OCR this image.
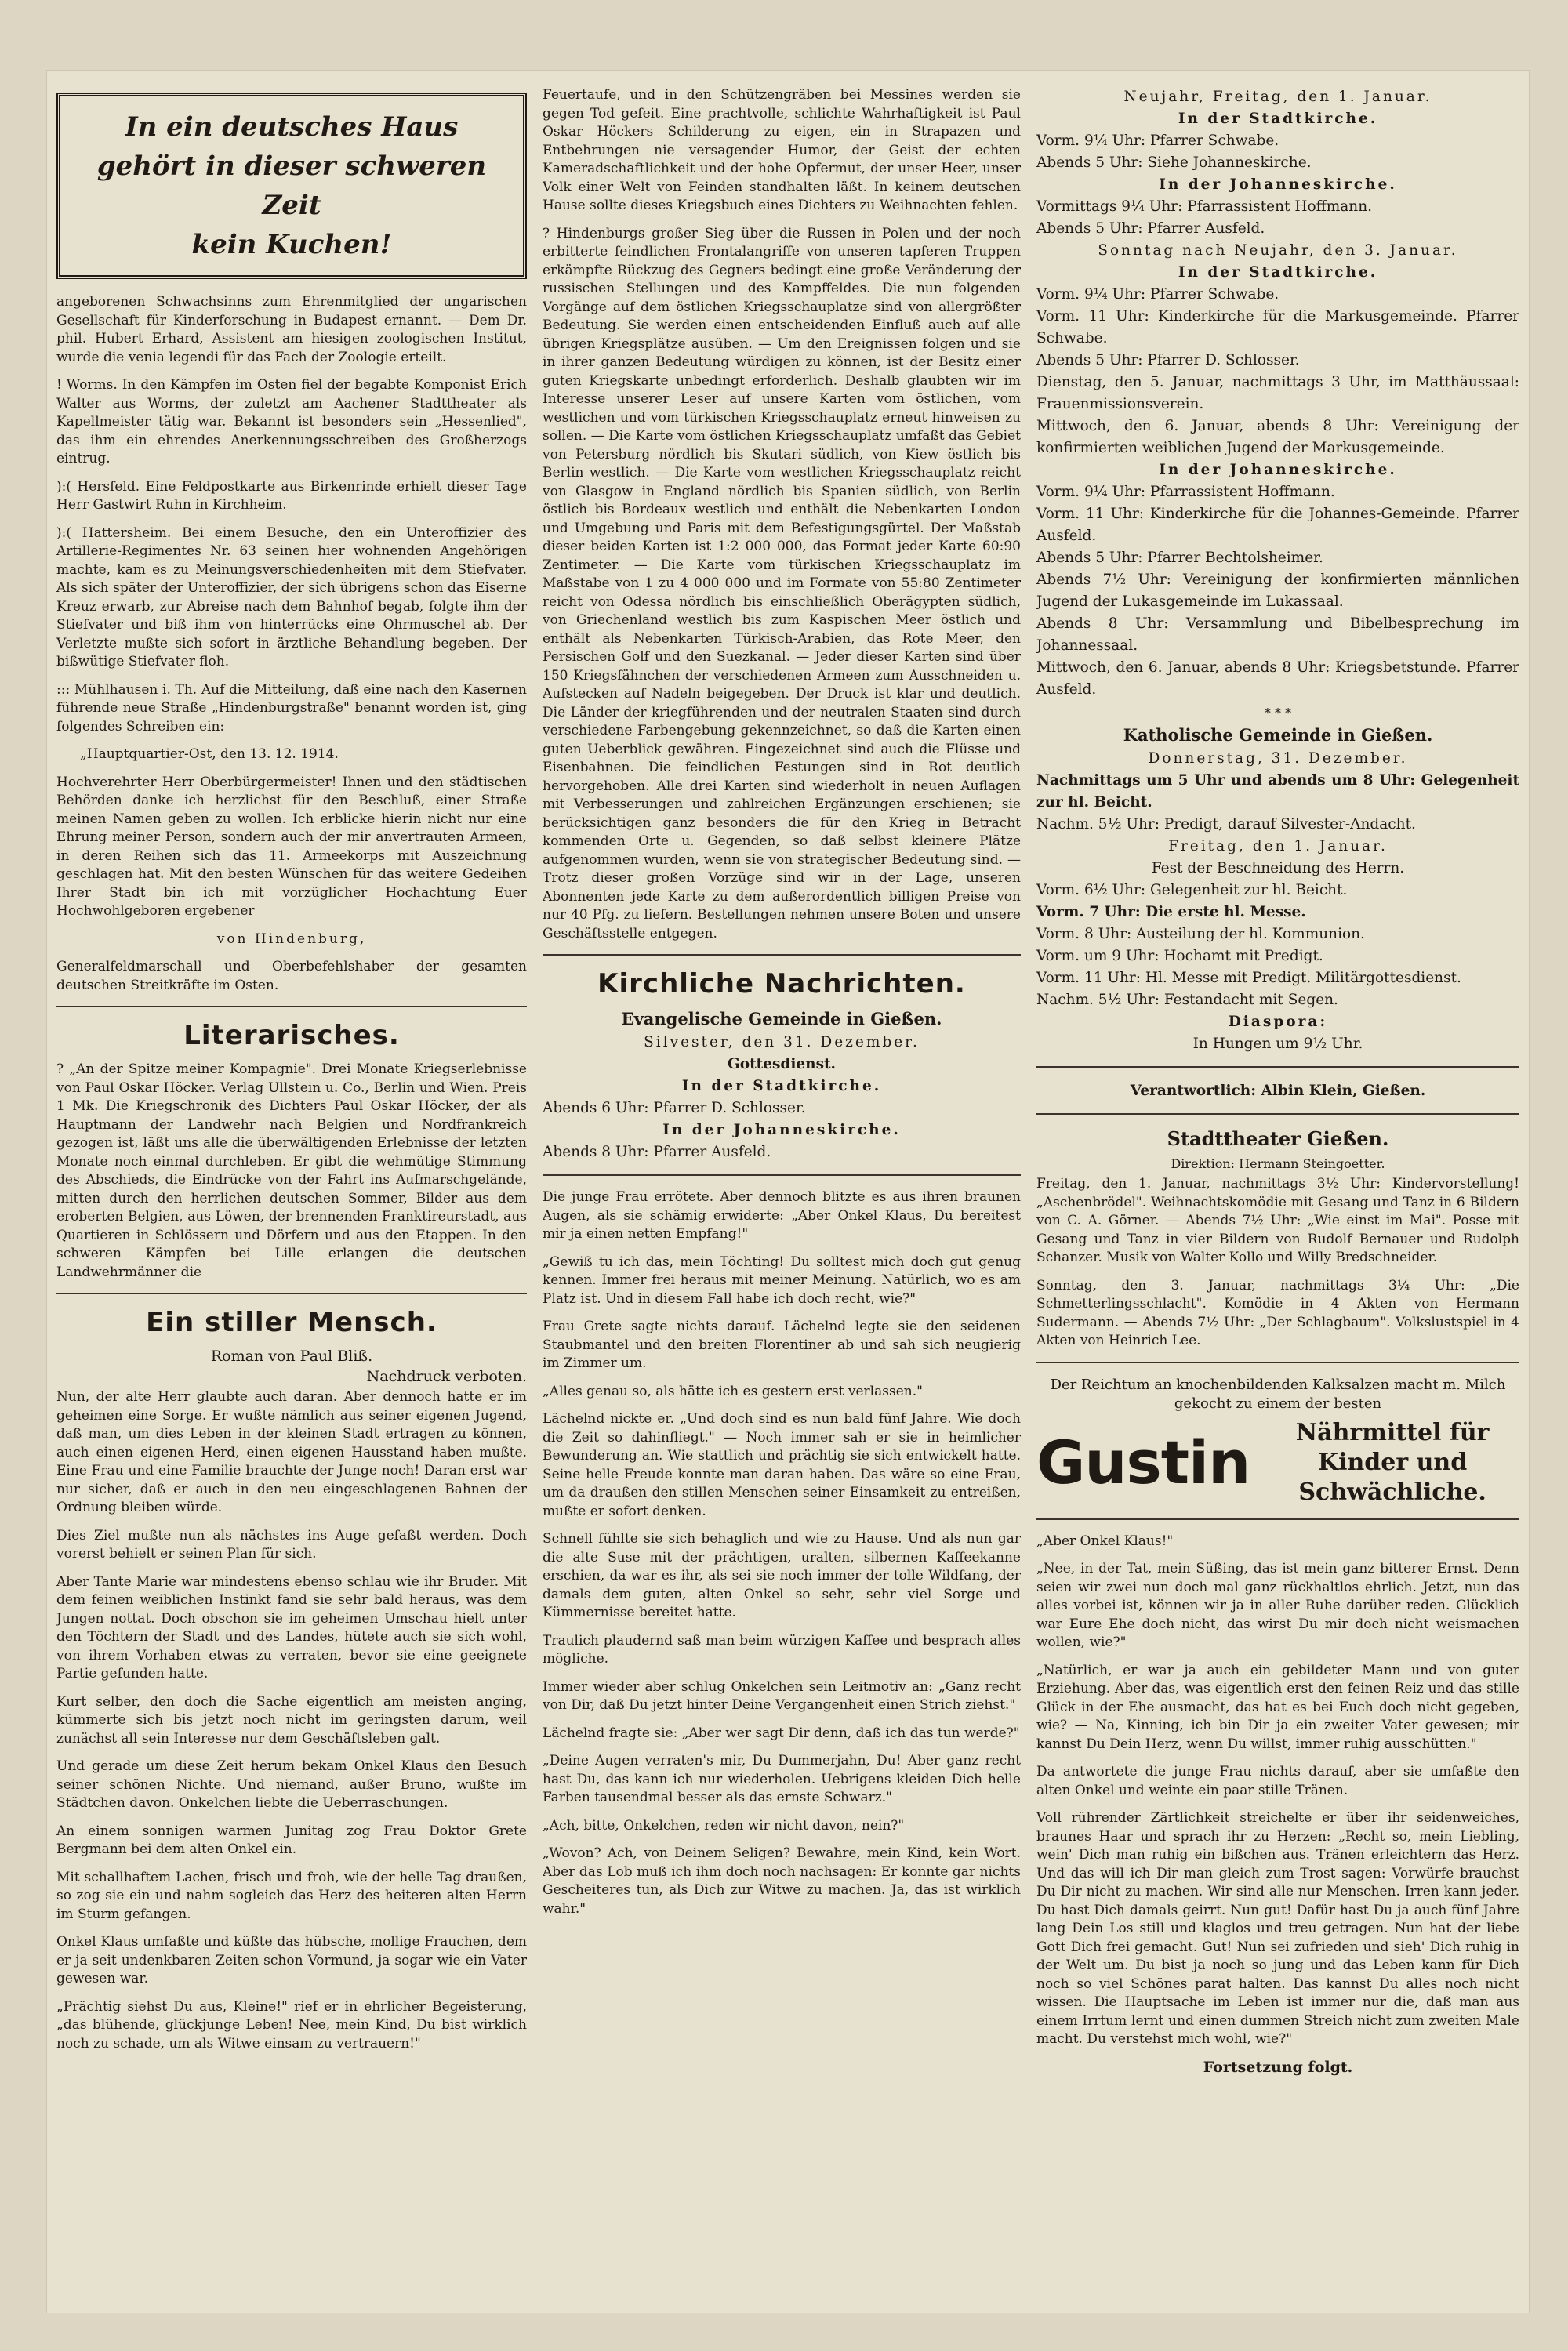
In ein deutsches Haus
gehört in dieser schweren Zeit
kein Kuchen!

angeborenen Schwachsinns zum Ehrenmitglied der ungarischen Gesellschaft für Kinderforschung in Budapest ernannt. — Dem Dr. phil. Hubert Erhard, Assistent am hiesigen zoologischen Institut, wurde die venia legendi für das Fach der Zoologie erteilt.

! Worms. In den Kämpfen im Osten fiel der begabte Komponist Erich Walter aus Worms, der zuletzt am Aachener Stadttheater als Kapellmeister tätig war. Bekannt ist besonders sein „Hessenlied", das ihm ein ehrendes Anerkennungsschreiben des Großherzogs eintrug.

):( Hersfeld. Eine Feldpostkarte aus Birkenrinde erhielt dieser Tage Herr Gastwirt Ruhn in Kirchheim.

):( Hattersheim. Bei einem Besuche, den ein Unteroffizier des Artillerie-Regimentes Nr. 63 seinen hier wohnenden Angehörigen machte, kam es zu Meinungsverschiedenheiten mit dem Stiefvater. Als sich später der Unteroffizier, der sich übrigens schon das Eiserne Kreuz erwarb, zur Abreise nach dem Bahnhof begab, folgte ihm der Stiefvater und biß ihm von hinterrücks eine Ohrmuschel ab. Der Verletzte mußte sich sofort in ärztliche Behandlung begeben. Der bißwütige Stiefvater floh.

::: Mühlhausen i. Th. Auf die Mitteilung, daß eine nach den Kasernen führende neue Straße „Hindenburgstraße" benannt worden ist, ging folgendes Schreiben ein:

„Hauptquartier-Ost, den 13. 12. 1914.

Hochverehrter Herr Oberbürgermeister! Ihnen und den städtischen Behörden danke ich herzlichst für den Beschluß, einer Straße meinen Namen geben zu wollen. Ich erblicke hierin nicht nur eine Ehrung meiner Person, sondern auch der mir anvertrauten Armeen, in deren Reihen sich das 11. Armeekorps mit Auszeichnung geschlagen hat. Mit den besten Wünschen für das weitere Gedeihen Ihrer Stadt bin ich mit vorzüglicher Hochachtung Euer Hochwohlgeboren ergebener

von Hindenburg,

Generalfeldmarschall und Oberbefehlshaber der gesamten deutschen Streitkräfte im Osten.

Literarisches.

? „An der Spitze meiner Kompagnie". Drei Monate Kriegserlebnisse von Paul Oskar Höcker. Verlag Ullstein u. Co., Berlin und Wien. Preis 1 Mk. Die Kriegschronik des Dichters Paul Oskar Höcker, der als Hauptmann der Landwehr nach Belgien und Nordfrankreich gezogen ist, läßt uns alle die überwältigenden Erlebnisse der letzten Monate noch einmal durchleben. Er gibt die wehmütige Stimmung des Abschieds, die Eindrücke von der Fahrt ins Aufmarschgelände, mitten durch den herrlichen deutschen Sommer, Bilder aus dem eroberten Belgien, aus Löwen, der brennenden Franktireurstadt, aus Quartieren in Schlössern und Dörfern und aus den Etappen. In den schweren Kämpfen bei Lille erlangen die deutschen Landwehrmänner die

Ein stiller Mensch.
Roman von Paul Bliß.
Nachdruck verboten.

Nun, der alte Herr glaubte auch daran. Aber dennoch hatte er im geheimen eine Sorge. Er wußte nämlich aus seiner eigenen Jugend, daß man, um dies Leben in der kleinen Stadt ertragen zu können, auch einen eigenen Herd, einen eigenen Hausstand haben mußte. Eine Frau und eine Familie brauchte der Junge noch! Daran erst war nur sicher, daß er auch in den neu eingeschlagenen Bahnen der Ordnung bleiben würde.

Dies Ziel mußte nun als nächstes ins Auge gefaßt werden. Doch vorerst behielt er seinen Plan für sich.

Aber Tante Marie war mindestens ebenso schlau wie ihr Bruder. Mit dem feinen weiblichen Instinkt fand sie sehr bald heraus, was dem Jungen nottat. Doch obschon sie im geheimen Umschau hielt unter den Töchtern der Stadt und des Landes, hütete auch sie sich wohl, von ihrem Vorhaben etwas zu verraten, bevor sie eine geeignete Partie gefunden hatte.

Kurt selber, den doch die Sache eigentlich am meisten anging, kümmerte sich bis jetzt noch nicht im geringsten darum, weil zunächst all sein Interesse nur dem Geschäftsleben galt.

Und gerade um diese Zeit herum bekam Onkel Klaus den Besuch seiner schönen Nichte. Und niemand, außer Bruno, wußte im Städtchen davon. Onkelchen liebte die Ueberraschungen.

An einem sonnigen warmen Junitag zog Frau Doktor Grete Bergmann bei dem alten Onkel ein.

Mit schallhaftem Lachen, frisch und froh, wie der helle Tag draußen, so zog sie ein und nahm sogleich das Herz des heiteren alten Herrn im Sturm gefangen.

Onkel Klaus umfaßte und küßte das hübsche, mollige Frauchen, dem er ja seit undenkbaren Zeiten schon Vormund, ja sogar wie ein Vater gewesen war.

„Prächtig siehst Du aus, Kleine!" rief er in ehrlicher Begeisterung, „das blühende, glückjunge Leben! Nee, mein Kind, Du bist wirklich noch zu schade, um als Witwe einsam zu vertrauern!"

Feuertaufe, und in den Schützengräben bei Messines werden sie gegen Tod gefeit. Eine prachtvolle, schlichte Wahrhaftigkeit ist Paul Oskar Höckers Schilderung zu eigen, ein in Strapazen und Entbehrungen nie versagender Humor, der Geist der echten Kameradschaftlichkeit und der hohe Opfermut, der unser Heer, unser Volk einer Welt von Feinden standhalten läßt. In keinem deutschen Hause sollte dieses Kriegsbuch eines Dichters zu Weihnachten fehlen.

? Hindenburgs großer Sieg über die Russen in Polen und der noch erbitterte feindlichen Frontalangriffe von unseren tapferen Truppen erkämpfte Rückzug des Gegners bedingt eine große Veränderung der russischen Stellungen und des Kampffeldes. Die nun folgenden Vorgänge auf dem östlichen Kriegsschauplatze sind von allergrößter Bedeutung. Sie werden einen entscheidenden Einfluß auch auf alle übrigen Kriegsplätze ausüben. — Um den Ereignissen folgen und sie in ihrer ganzen Bedeutung würdigen zu können, ist der Besitz einer guten Kriegskarte unbedingt erforderlich. Deshalb glaubten wir im Interesse unserer Leser auf unsere Karten vom östlichen, vom westlichen und vom türkischen Kriegsschauplatz erneut hinweisen zu sollen. — Die Karte vom östlichen Kriegsschauplatz umfaßt das Gebiet von Petersburg nördlich bis Skutari südlich, von Kiew östlich bis Berlin westlich. — Die Karte vom westlichen Kriegsschauplatz reicht von Glasgow in England nördlich bis Spanien südlich, von Berlin östlich bis Bordeaux westlich und enthält die Nebenkarten London und Umgebung und Paris mit dem Befestigungsgürtel. Der Maßstab dieser beiden Karten ist 1:2 000 000, das Format jeder Karte 60:90 Zentimeter. — Die Karte vom türkischen Kriegsschauplatz im Maßstabe von 1 zu 4 000 000 und im Formate von 55:80 Zentimeter reicht von Odessa nördlich bis einschließlich Oberägypten südlich, von Griechenland westlich bis zum Kaspischen Meer östlich und enthält als Nebenkarten Türkisch-Arabien, das Rote Meer, den Persischen Golf und den Suezkanal. — Jeder dieser Karten sind über 150 Kriegsfähnchen der verschiedenen Armeen zum Ausschneiden u. Aufstecken auf Nadeln beigegeben. Der Druck ist klar und deutlich. Die Länder der kriegführenden und der neutralen Staaten sind durch verschiedene Farbengebung gekennzeichnet, so daß die Karten einen guten Ueberblick gewähren. Eingezeichnet sind auch die Flüsse und Eisenbahnen. Die feindlichen Festungen sind in Rot deutlich hervorgehoben. Alle drei Karten sind wiederholt in neuen Auflagen mit Verbesserungen und zahlreichen Ergänzungen erschienen; sie berücksichtigen ganz besonders die für den Krieg in Betracht kommenden Orte u. Gegenden, so daß selbst kleinere Plätze aufgenommen wurden, wenn sie von strategischer Bedeutung sind. — Trotz dieser großen Vorzüge sind wir in der Lage, unseren Abonnenten jede Karte zu dem außerordentlich billigen Preise von nur 40 Pfg. zu liefern. Bestellungen nehmen unsere Boten und unsere Geschäftsstelle entgegen.

Kirchliche Nachrichten.
Evangelische Gemeinde in Gießen.

Silvester, den 31. Dezember.

Gottesdienst.

In der Stadtkirche.

Abends 6 Uhr: Pfarrer D. Schlosser.

In der Johanneskirche.

Abends 8 Uhr: Pfarrer Ausfeld.

Die junge Frau errötete. Aber dennoch blitzte es aus ihren braunen Augen, als sie schämig erwiderte: „Aber Onkel Klaus, Du bereitest mir ja einen netten Empfang!"

„Gewiß tu ich das, mein Töchting! Du solltest mich doch gut genug kennen. Immer frei heraus mit meiner Meinung. Natürlich, wo es am Platz ist. Und in diesem Fall habe ich doch recht, wie?"

Frau Grete sagte nichts darauf. Lächelnd legte sie den seidenen Staubmantel und den breiten Florentiner ab und sah sich neugierig im Zimmer um.

„Alles genau so, als hätte ich es gestern erst verlassen."

Lächelnd nickte er. „Und doch sind es nun bald fünf Jahre. Wie doch die Zeit so dahinfliegt." — Noch immer sah er sie in heimlicher Bewunderung an. Wie stattlich und prächtig sie sich entwickelt hatte. Seine helle Freude konnte man daran haben. Das wäre so eine Frau, um da draußen den stillen Menschen seiner Einsamkeit zu entreißen, mußte er sofort denken.

Schnell fühlte sie sich behaglich und wie zu Hause. Und als nun gar die alte Suse mit der prächtigen, uralten, silbernen Kaffeekanne erschien, da war es ihr, als sei sie noch immer der tolle Wildfang, der damals dem guten, alten Onkel so sehr, sehr viel Sorge und Kümmernisse bereitet hatte.

Traulich plaudernd saß man beim würzigen Kaffee und besprach alles mögliche.

Immer wieder aber schlug Onkelchen sein Leitmotiv an: „Ganz recht von Dir, daß Du jetzt hinter Deine Vergangenheit einen Strich ziehst."

Lächelnd fragte sie: „Aber wer sagt Dir denn, daß ich das tun werde?"

„Deine Augen verraten's mir, Du Dummerjahn, Du! Aber ganz recht hast Du, das kann ich nur wiederholen. Uebrigens kleiden Dich helle Farben tausendmal besser als das ernste Schwarz."

„Ach, bitte, Onkelchen, reden wir nicht davon, nein?"

„Wovon? Ach, von Deinem Seligen? Bewahre, mein Kind, kein Wort. Aber das Lob muß ich ihm doch noch nachsagen: Er konnte gar nichts Gescheiteres tun, als Dich zur Witwe zu machen. Ja, das ist wirklich wahr."

Neujahr, Freitag, den 1. Januar.

In der Stadtkirche.

Vorm. 9¼ Uhr: Pfarrer Schwabe.

Abends 5 Uhr: Siehe Johanneskirche.

In der Johanneskirche.

Vormittags 9¼ Uhr: Pfarrassistent Hoffmann.

Abends 5 Uhr: Pfarrer Ausfeld.

Sonntag nach Neujahr, den 3. Januar.

In der Stadtkirche.

Vorm. 9¼ Uhr: Pfarrer Schwabe.

Vorm. 11 Uhr: Kinderkirche für die Markusgemeinde. Pfarrer Schwabe.

Abends 5 Uhr: Pfarrer D. Schlosser.

Dienstag, den 5. Januar, nachmittags 3 Uhr, im Matthäussaal: Frauenmissionsverein.

Mittwoch, den 6. Januar, abends 8 Uhr: Vereinigung der konfirmierten weiblichen Jugend der Markusgemeinde.

In der Johanneskirche.

Vorm. 9¼ Uhr: Pfarrassistent Hoffmann.

Vorm. 11 Uhr: Kinderkirche für die Johannes-Gemeinde. Pfarrer Ausfeld.

Abends 5 Uhr: Pfarrer Bechtolsheimer.

Abends 7½ Uhr: Vereinigung der konfirmierten männlichen Jugend der Lukasgemeinde im Lukassaal.

Abends 8 Uhr: Versammlung und Bibelbesprechung im Johannessaal.

Mittwoch, den 6. Januar, abends 8 Uhr: Kriegsbetstunde. Pfarrer Ausfeld.

* * *
Katholische Gemeinde in Gießen.

Donnerstag, 31. Dezember.

Nachmittags um 5 Uhr und abends um 8 Uhr: Gelegenheit zur hl. Beicht.

Nachm. 5½ Uhr: Predigt, darauf Silvester-Andacht.

Freitag, den 1. Januar.

Fest der Beschneidung des Herrn.

Vorm. 6½ Uhr: Gelegenheit zur hl. Beicht.

Vorm. 7 Uhr: Die erste hl. Messe.

Vorm. 8 Uhr: Austeilung der hl. Kommunion.

Vorm. um 9 Uhr: Hochamt mit Predigt.

Vorm. 11 Uhr: Hl. Messe mit Predigt. Militärgottesdienst.

Nachm. 5½ Uhr: Festandacht mit Segen.

Diaspora:

In Hungen um 9½ Uhr.

Verantwortlich: Albin Klein, Gießen.

Stadttheater Gießen.

Direktion: Hermann Steingoetter.

Freitag, den 1. Januar, nachmittags 3½ Uhr: Kindervorstellung! „Aschenbrödel". Weihnachtskomödie mit Gesang und Tanz in 6 Bildern von C. A. Görner. — Abends 7½ Uhr: „Wie einst im Mai". Posse mit Gesang und Tanz in vier Bildern von Rudolf Bernauer und Rudolph Schanzer. Musik von Walter Kollo und Willy Bredschneider.

Sonntag, den 3. Januar, nachmittags 3¼ Uhr: „Die Schmetterlingsschlacht". Komödie in 4 Akten von Hermann Sudermann. — Abends 7½ Uhr: „Der Schlagbaum". Volkslustspiel in 4 Akten von Heinrich Lee.

Der Reichtum an knochenbildenden Kalksalzen macht m. Milch gekocht zu einem der besten

Gustin	Nährmittel für
Kinder und Schwächliche.

„Aber Onkel Klaus!"

„Nee, in der Tat, mein Süßing, das ist mein ganz bitterer Ernst. Denn seien wir zwei nun doch mal ganz rückhaltlos ehrlich. Jetzt, nun das alles vorbei ist, können wir ja in aller Ruhe darüber reden. Glücklich war Eure Ehe doch nicht, das wirst Du mir doch nicht weismachen wollen, wie?"

„Natürlich, er war ja auch ein gebildeter Mann und von guter Erziehung. Aber das, was eigentlich erst den feinen Reiz und das stille Glück in der Ehe ausmacht, das hat es bei Euch doch nicht gegeben, wie? — Na, Kinning, ich bin Dir ja ein zweiter Vater gewesen; mir kannst Du Dein Herz, wenn Du willst, immer ruhig ausschütten."

Da antwortete die junge Frau nichts darauf, aber sie umfaßte den alten Onkel und weinte ein paar stille Tränen.

Voll rührender Zärtlichkeit streichelte er über ihr seidenweiches, braunes Haar und sprach ihr zu Herzen: „Recht so, mein Liebling, wein' Dich man ruhig ein bißchen aus. Tränen erleichtern das Herz. Und das will ich Dir man gleich zum Trost sagen: Vorwürfe brauchst Du Dir nicht zu machen. Wir sind alle nur Menschen. Irren kann jeder. Du hast Dich damals geirrt. Nun gut! Dafür hast Du ja auch fünf Jahre lang Dein Los still und klaglos und treu getragen. Nun hat der liebe Gott Dich frei gemacht. Gut! Nun sei zufrieden und sieh' Dich ruhig in der Welt um. Du bist ja noch so jung und das Leben kann für Dich noch so viel Schönes parat halten. Das kannst Du alles noch nicht wissen. Die Hauptsache im Leben ist immer nur die, daß man aus einem Irrtum lernt und einen dummen Streich nicht zum zweiten Male macht. Du verstehst mich wohl, wie?"

Fortsetzung folgt.
